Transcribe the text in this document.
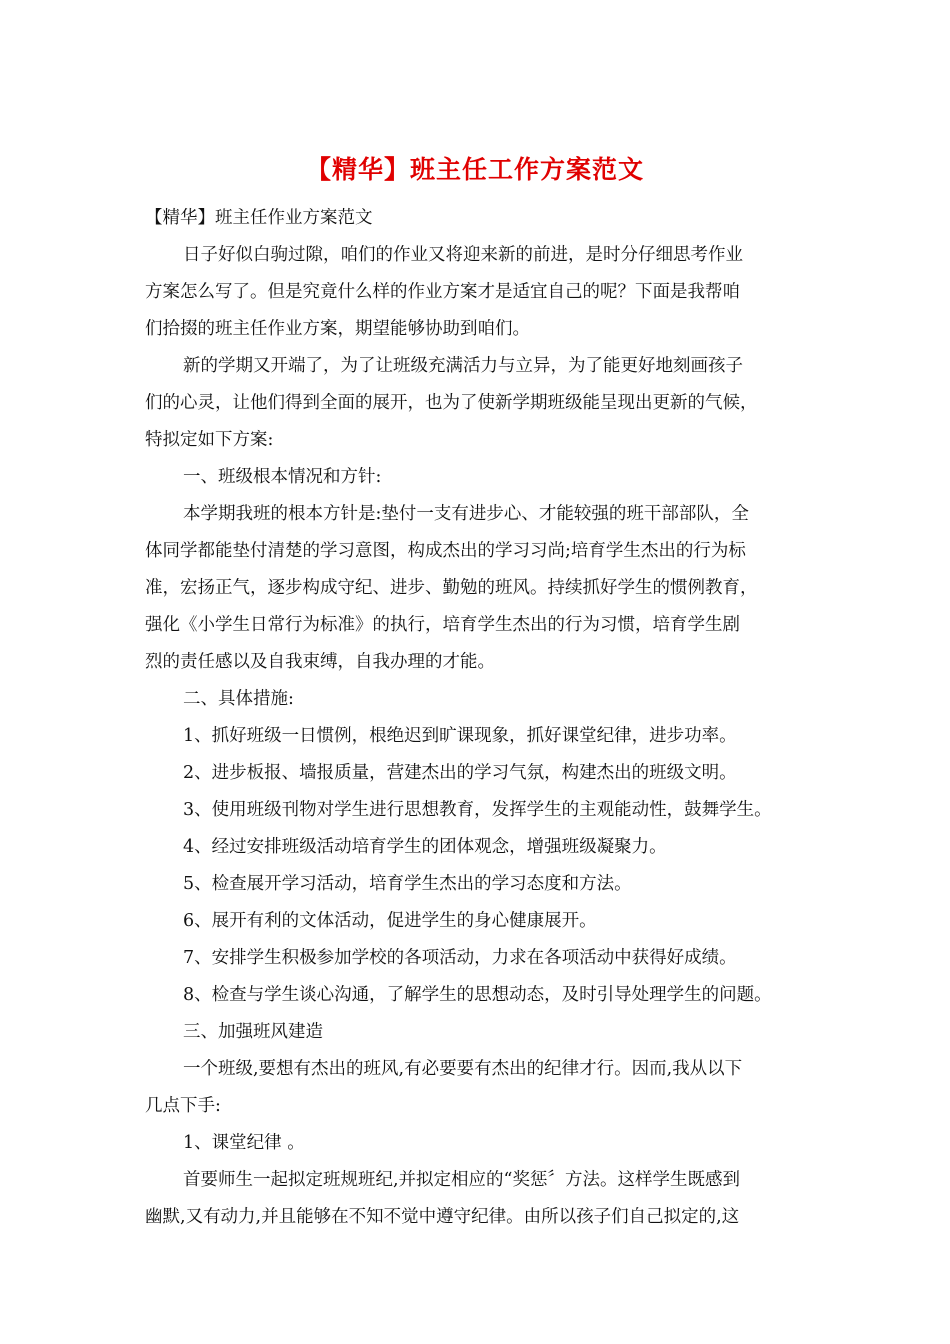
【精华】班主任工作方案范文
【精华】班主任作业方案范文
日子好似白驹过隙，咱们的作业又将迎来新的前进，是时分仔细思考作业
方案怎么写了。但是究竟什么样的作业方案才是适宜自己的呢？下面是我帮咱
们拾掇的班主任作业方案，期望能够协助到咱们。
新的学期又开端了，为了让班级充满活力与立异，为了能更好地刻画孩子
们的心灵，让他们得到全面的展开，也为了使新学期班级能呈现出更新的气候，
特拟定如下方案:
一、班级根本情况和方针:
本学期我班的根本方针是:垫付一支有进步心、才能较强的班干部部队，全
体同学都能垫付清楚的学习意图，构成杰出的学习习尚;培育学生杰出的行为标
准，宏扬正气，逐步构成守纪、进步、勤勉的班风。持续抓好学生的惯例教育，
强化《小学生日常行为标准》的执行，培育学生杰出的行为习惯，培育学生剧
烈的责任感以及自我束缚，自我办理的才能。
二、具体措施:
1、抓好班级一日惯例，根绝迟到旷课现象，抓好课堂纪律，进步功率。
2、进步板报、墙报质量，营建杰出的学习气氛，构建杰出的班级文明。
3、使用班级刊物对学生进行思想教育，发挥学生的主观能动性，鼓舞学生。
4、经过安排班级活动培育学生的团体观念，增强班级凝聚力。
5、检查展开学习活动，培育学生杰出的学习态度和方法。
6、展开有利的文体活动，促进学生的身心健康展开。
7、安排学生积极参加学校的各项活动，力求在各项活动中获得好成绩。
8、检查与学生谈心沟通，了解学生的思想动态，及时引导处理学生的问题。
三、加强班风建造
一个班级,要想有杰出的班风,有必要要有杰出的纪律才行。因而,我从以下
几点下手:
1、课堂纪律 。
首要师生一起拟定班规班纪,并拟定相应的“奖惩〞方法。这样学生既感到
幽默,又有动力,并且能够在不知不觉中遵守纪律。由所以孩子们自己拟定的,这
